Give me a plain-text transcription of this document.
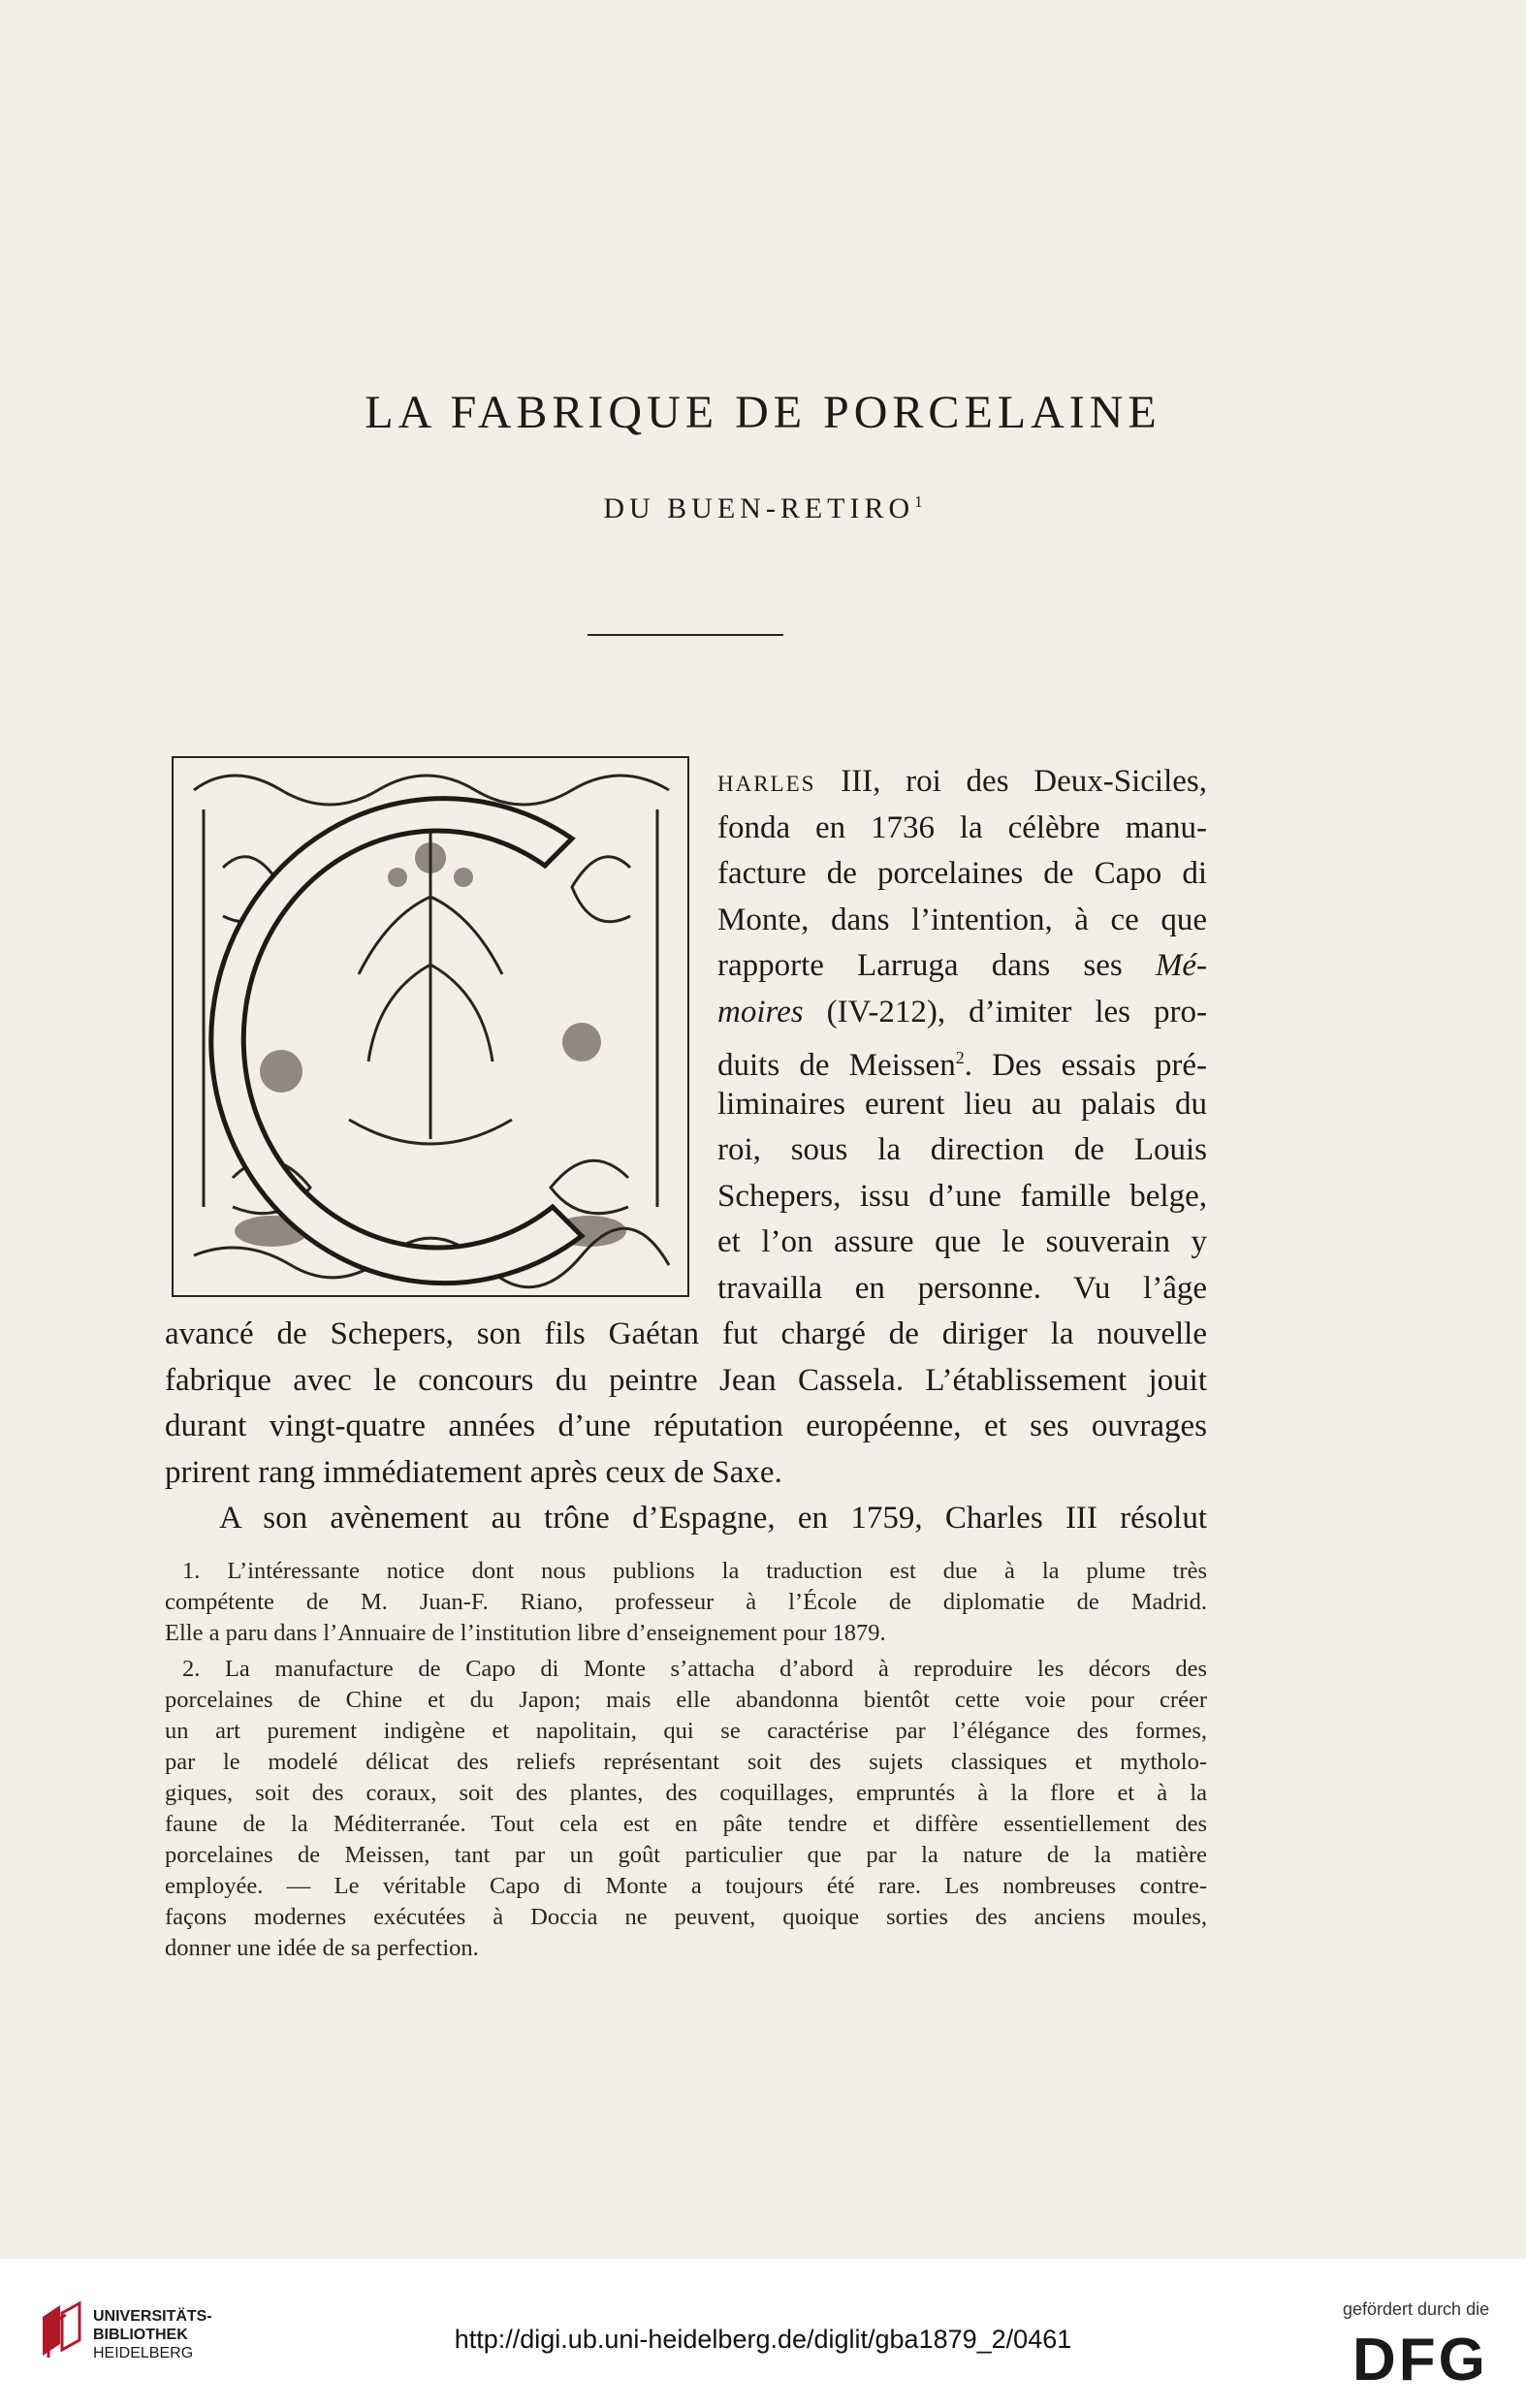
LA FABRIQUE DE PORCELAINE
DU BUEN-RETIRO$^1$
harles III, roi des Deux-Siciles,
fonda en 1736 la célèbre manu-
facture de porcelaines de Capo di
Monte, dans l’intention, à ce que
rapporte Larruga dans ses Mé-
moires (IV-212), d’imiter les pro-
duits de Meissen$^2$. Des essais pré-
liminaires eurent lieu au palais du
roi, sous la direction de Louis
Schepers, issu d’une famille belge,
et l’on assure que le souverain y
travailla en personne. Vu l’âge
avancé de Schepers, son fils Gaétan fut chargé de diriger la nouvelle
fabrique avec le concours du peintre Jean Cassela. L’établissement jouit
durant vingt-quatre années d’une réputation européenne, et ses ouvrages
prirent rang immédiatement après ceux de Saxe.
A son avènement au trône d’Espagne, en 1759, Charles III résolut
1. L’intéressante notice dont nous publions la traduction est due à la plume très
compétente de M. Juan-F. Riano, professeur à l’École de diplomatie de Madrid.
Elle a paru dans l’Annuaire de l’institution libre d’enseignement pour 1879.
2. La manufacture de Capo di Monte s’attacha d’abord à reproduire les décors des
porcelaines de Chine et du Japon; mais elle abandonna bientôt cette voie pour créer
un art purement indigène et napolitain, qui se caractérise par l’élégance des formes,
par le modelé délicat des reliefs représentant soit des sujets classiques et mytholo-
giques, soit des coraux, soit des plantes, des coquillages, empruntés à la flore et à la
faune de la Méditerranée. Tout cela est en pâte tendre et diffère essentiellement des
porcelaines de Meissen, tant par un goût particulier que par la nature de la matière
employée. — Le véritable Capo di Monte a toujours été rare. Les nombreuses contre-
façons modernes exécutées à Doccia ne peuvent, quoique sorties des anciens moules,
donner une idée de sa perfection.
UNIVERSITÄTS-
BIBLIOTHEK
HEIDELBERG	http://digi.ub.uni-heidelberg.de/diglit/gba1879_2/0461
gefördert durch die
DFG
